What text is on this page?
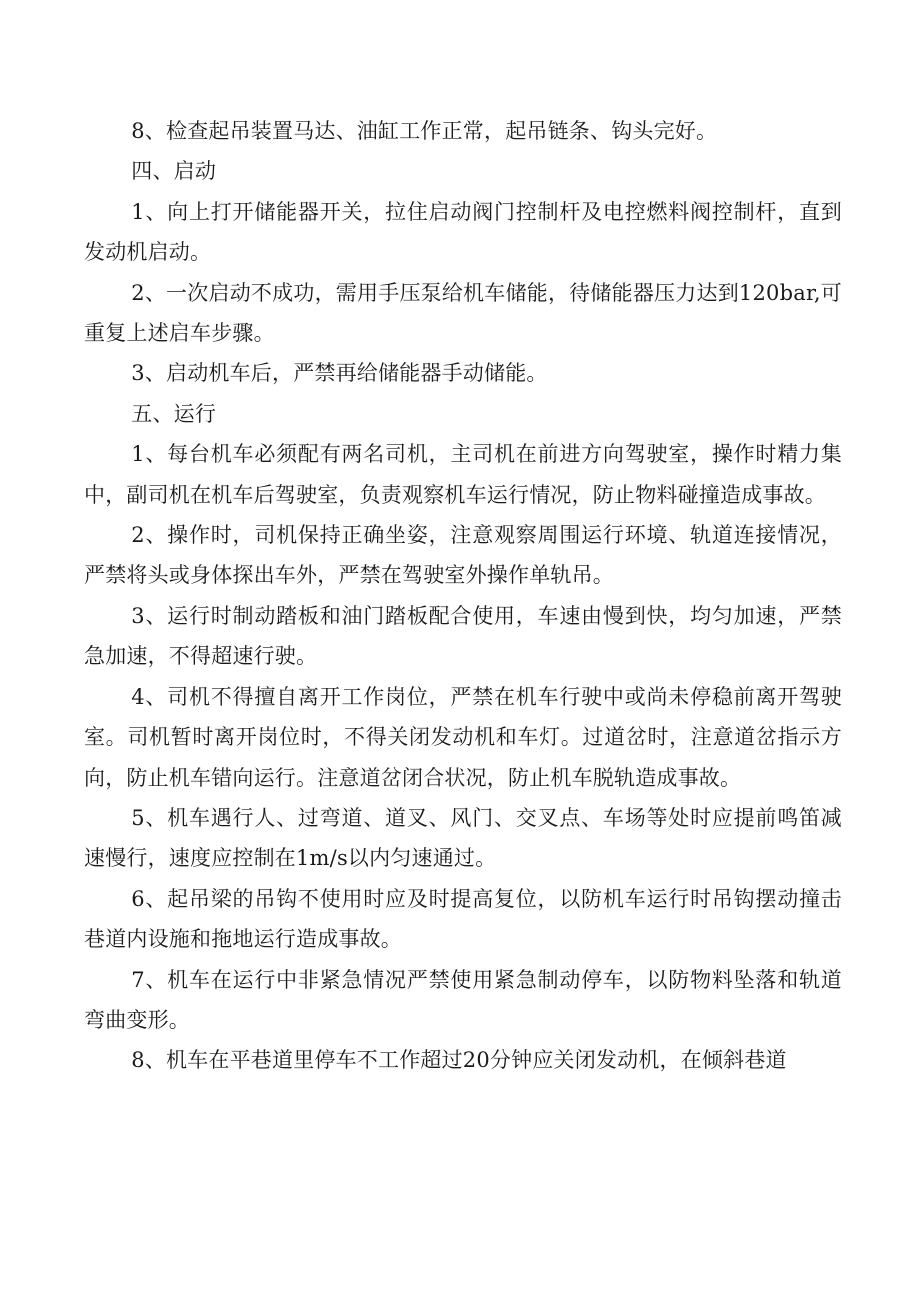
8、检查起吊装置马达、油缸工作正常，起吊链条、钩头完好。

四、启动

1、向上打开储能器开关，拉住启动阀门控制杆及电控燃料阀控制杆，直到发动机启动。

2、一次启动不成功，需用手压泵给机车储能，待储能器压力达到120bar,可重复上述启车步骤。

3、启动机车后，严禁再给储能器手动储能。

五、运行

1、每台机车必须配有两名司机，主司机在前进方向驾驶室，操作时精力集中，副司机在机车后驾驶室，负责观察机车运行情况，防止物料碰撞造成事故。

2、操作时，司机保持正确坐姿，注意观察周围运行环境、轨道连接情况，严禁将头或身体探出车外，严禁在驾驶室外操作单轨吊。

3、运行时制动踏板和油门踏板配合使用，车速由慢到快，均匀加速，严禁急加速，不得超速行驶。

4、司机不得擅自离开工作岗位，严禁在机车行驶中或尚未停稳前离开驾驶室。司机暂时离开岗位时，不得关闭发动机和车灯。过道岔时，注意道岔指示方向，防止机车错向运行。注意道岔闭合状况，防止机车脱轨造成事故。

5、机车遇行人、过弯道、道叉、风门、交叉点、车场等处时应提前鸣笛减速慢行，速度应控制在1m/s以内匀速通过。

6、起吊梁的吊钩不使用时应及时提高复位，以防机车运行时吊钩摆动撞击巷道内设施和拖地运行造成事故。

7、机车在运行中非紧急情况严禁使用紧急制动停车，以防物料坠落和轨道弯曲变形。

8、机车在平巷道里停车不工作超过20分钟应关闭发动机，在倾斜巷道
